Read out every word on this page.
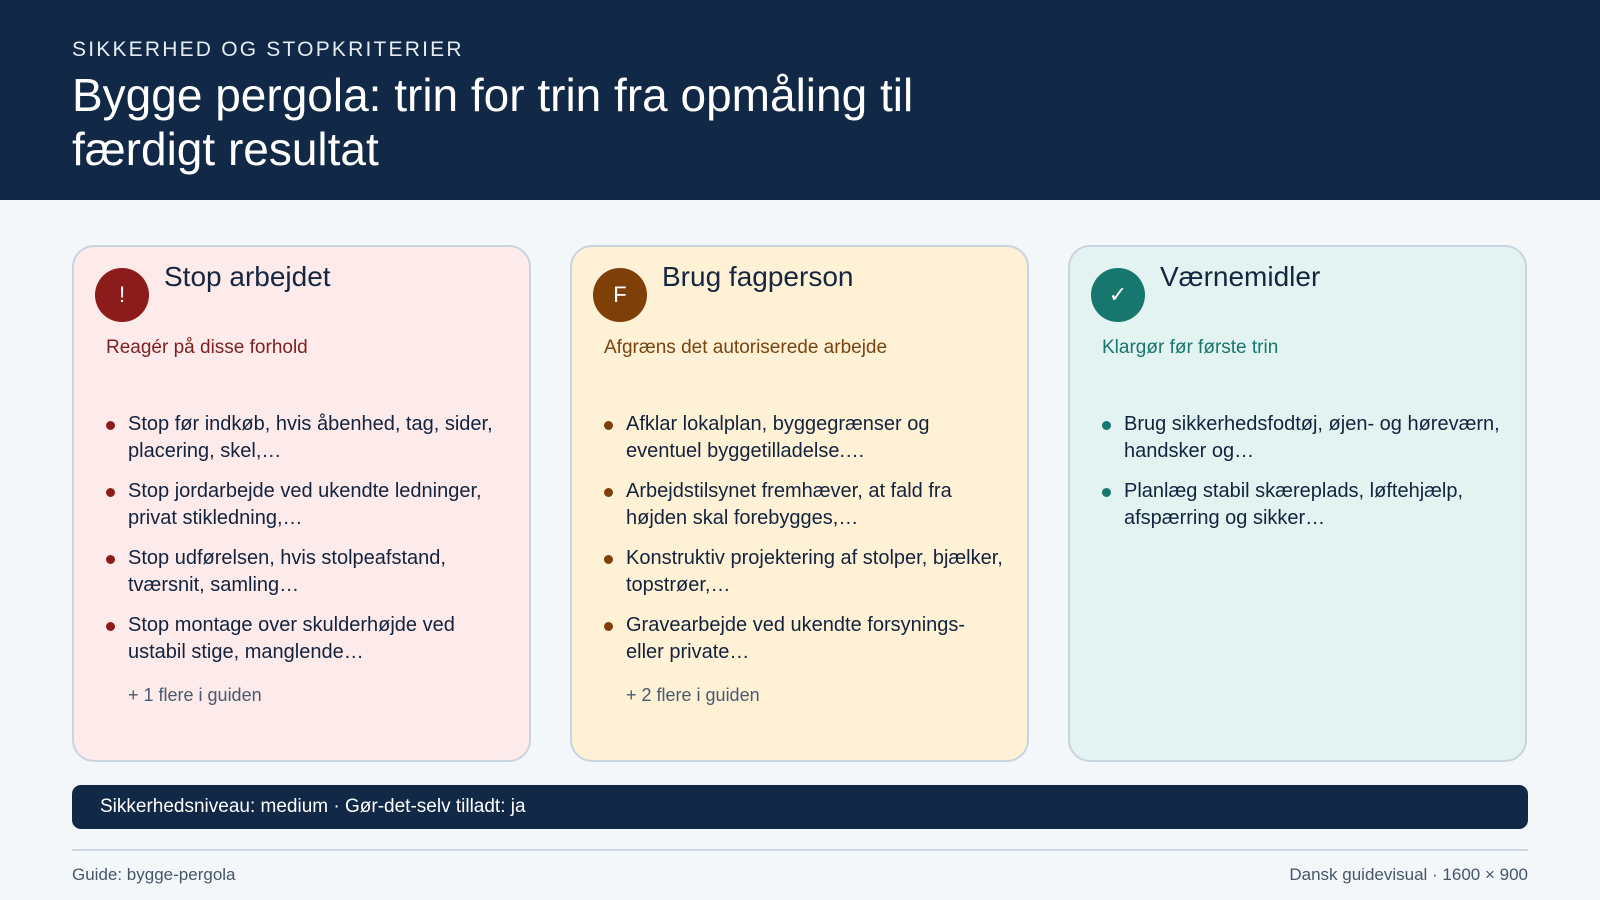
SIKKERHED OG STOPKRITERIER
Bygge pergola: trin for trin fra opmåling til færdigt resultat
!
Stop arbejdet
Reagér på disse forhold
Stop før indkøb, hvis åbenhed, tag, sider, placering, skel,…
Stop jordarbejde ved ukendte ledninger, privat stikledning,…
Stop udførelsen, hvis stolpeafstand, tværsnit, samling…
Stop montage over skulderhøjde ved ustabil stige, manglende…
+ 1 flere i guiden
F
Brug fagperson
Afgræns det autoriserede arbejde
Afklar lokalplan, byggegrænser og eventuel byggetilladelse.…
Arbejdstilsynet fremhæver, at fald fra højden skal forebygges,…
Konstruktiv projektering af stolper, bjælker, topstrøer,…
Gravearbejde ved ukendte forsynings- eller private…
+ 2 flere i guiden
✓
Værnemidler
Klargør før første trin
Brug sikkerhedsfodtøj, øjen- og høreværn, handsker og…
Planlæg stabil skæreplads, løftehjælp, afspærring og sikker…
Sikkerhedsniveau: medium · Gør-det-selv tilladt: ja
Guide: bygge-pergola	Dansk guidevisual · 1600 × 900
